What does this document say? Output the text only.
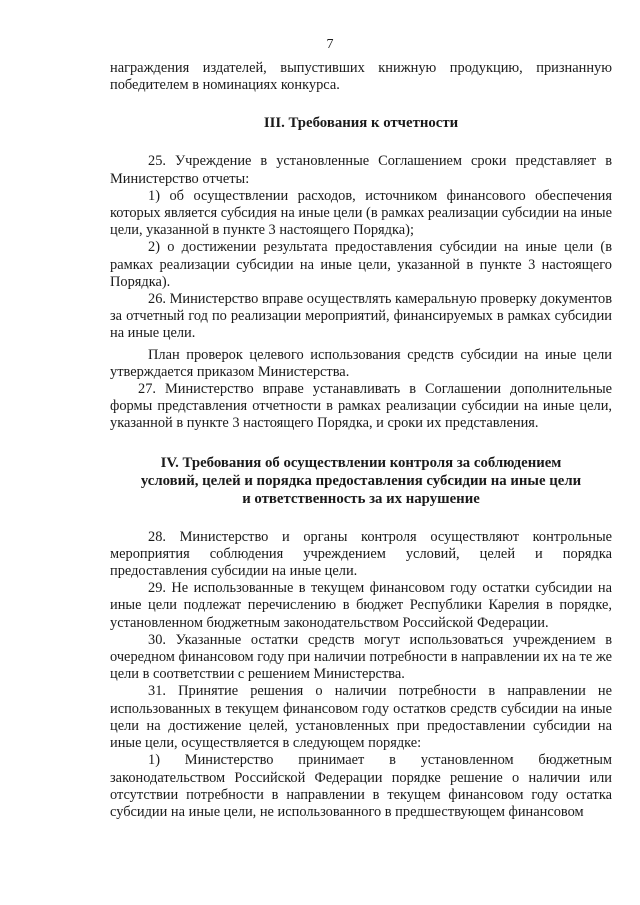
7

награждения издателей, выпустивших книжную продукцию, признанную победителем в номинациях конкурса.

III. Требования к отчетности

25. Учреждение в установленные Соглашением сроки представляет в Министерство отчеты:

1) об осуществлении расходов, источником финансового обеспечения которых является субсидия на иные цели (в рамках реализации субсидии на иные цели, указанной в пункте 3 настоящего Порядка);

2) о достижении результата предоставления субсидии на иные цели (в рамках реализации субсидии на иные цели, указанной в пункте 3 настоящего Порядка).

26. Министерство вправе осуществлять камеральную проверку документов за отчетный год по реализации мероприятий, финансируемых в рамках субсидии на иные цели.

План проверок целевого использования средств субсидии на иные цели утверждается приказом Министерства.

27. Министерство вправе устанавливать в Соглашении дополнительные формы представления отчетности в рамках реализации субсидии на иные цели, указанной в пункте 3 настоящего Порядка, и сроки их представления.

IV. Требования об осуществлении контроля за соблюдением
условий, целей и порядка предоставления субсидии на иные цели
и ответственность за их нарушение

28. Министерство и органы контроля осуществляют контрольные мероприятия соблюдения учреждением условий, целей и порядка предоставления субсидии на иные цели.

29. Не использованные в текущем финансовом году остатки субсидии на иные цели подлежат перечислению в бюджет Республики Карелия в порядке, установленном бюджетным законодательством Российской Федерации.

30. Указанные остатки средств могут использоваться учреждением в очередном финансовом году при наличии потребности в направлении их на те же цели в соответствии с решением Министерства.

31. Принятие решения о наличии потребности в направлении не использованных в текущем финансовом году остатков средств субсидии на иные цели на достижение целей, установленных при предоставлении субсидии на иные цели, осуществляется в следующем порядке:

1) Министерство принимает в установленном бюджетным законодательством Российской Федерации порядке решение о наличии или отсутствии потребности в направлении в текущем финансовом году остатка субсидии на иные цели, не использованного в предшествующем финансовом
